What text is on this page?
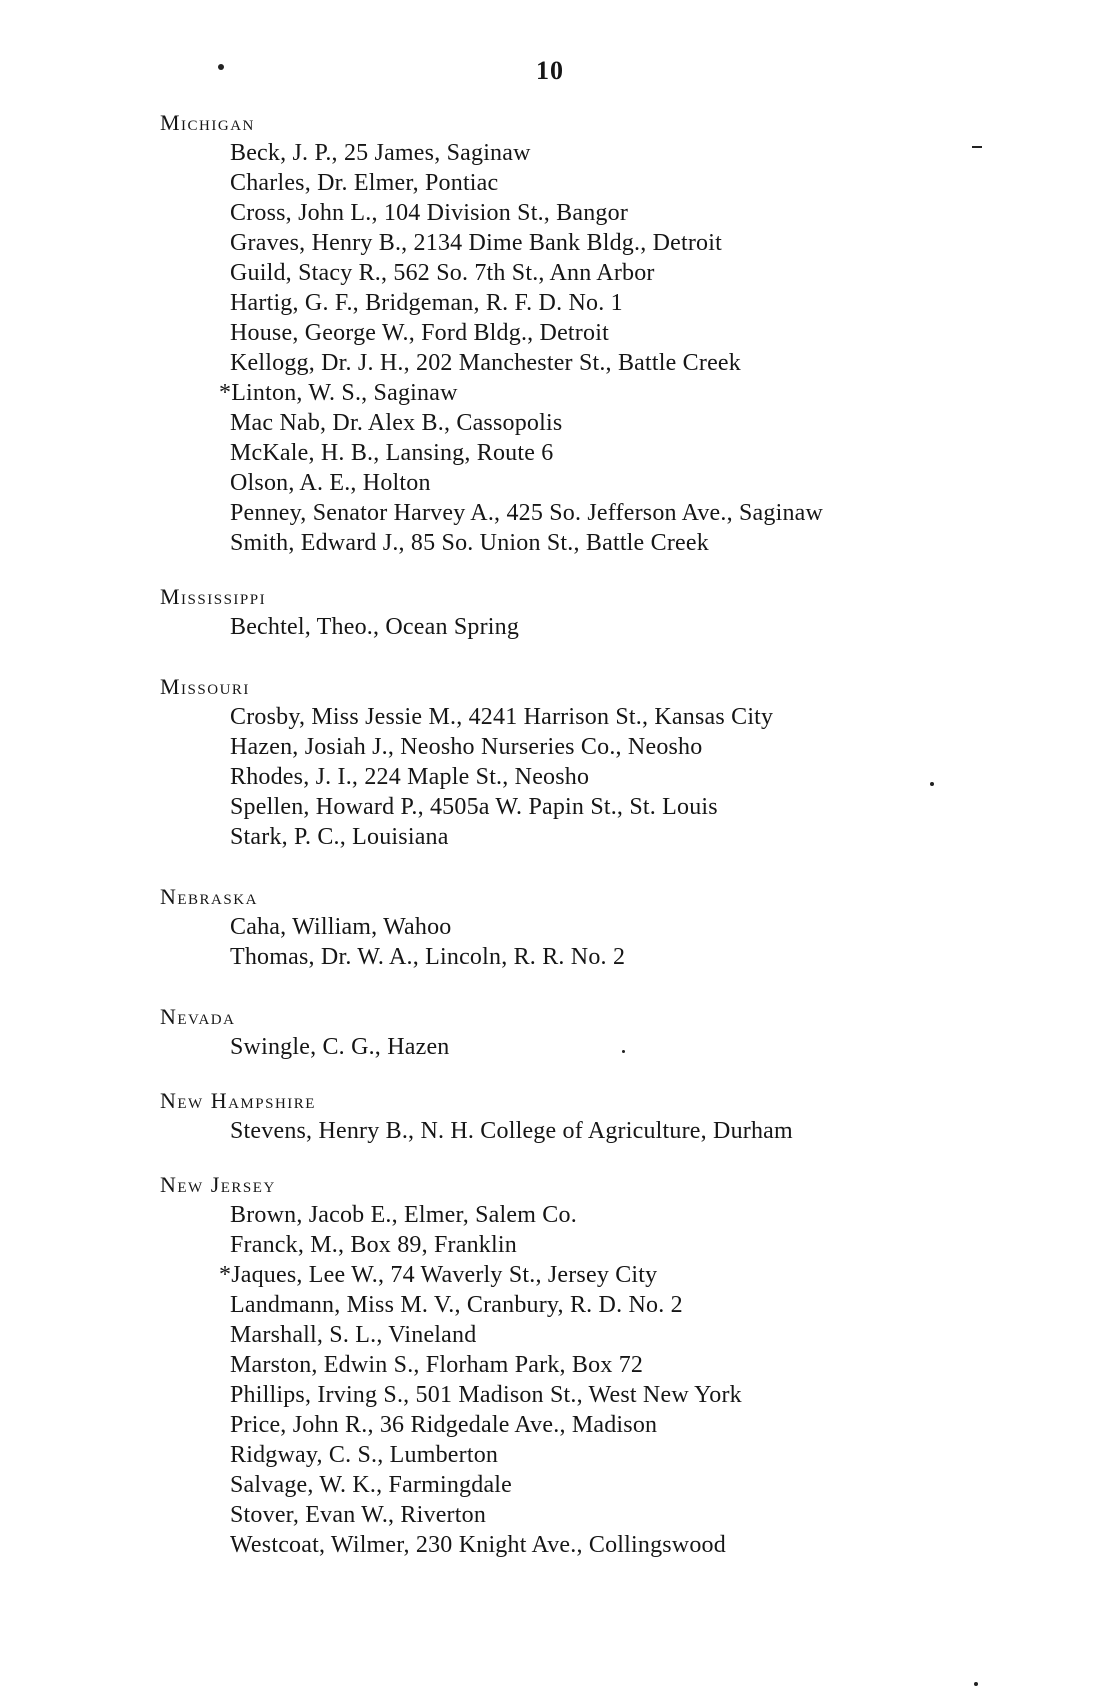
10
Michigan
Beck, J. P., 25 James, Saginaw
Charles, Dr. Elmer, Pontiac
Cross, John L., 104 Division St., Bangor
Graves, Henry B., 2134 Dime Bank Bldg., Detroit
Guild, Stacy R., 562 So. 7th St., Ann Arbor
Hartig, G. F., Bridgeman, R. F. D. No. 1
House, George W., Ford Bldg., Detroit
Kellogg, Dr. J. H., 202 Manchester St., Battle Creek
*Linton, W. S., Saginaw
Mac Nab, Dr. Alex B., Cassopolis
McKale, H. B., Lansing, Route 6
Olson, A. E., Holton
Penney, Senator Harvey A., 425 So. Jefferson Ave., Saginaw
Smith, Edward J., 85 So. Union St., Battle Creek
Mississippi
Bechtel, Theo., Ocean Spring
Missouri
Crosby, Miss Jessie M., 4241 Harrison St., Kansas City
Hazen, Josiah J., Neosho Nurseries Co., Neosho
Rhodes, J. I., 224 Maple St., Neosho
Spellen, Howard P., 4505a W. Papin St., St. Louis
Stark, P. C., Louisiana
Nebraska
Caha, William, Wahoo
Thomas, Dr. W. A., Lincoln, R. R. No. 2
Nevada
Swingle, C. G., Hazen
New Hampshire
Stevens, Henry B., N. H. College of Agriculture, Durham
New Jersey
Brown, Jacob E., Elmer, Salem Co.
Franck, M., Box 89, Franklin
*Jaques, Lee W., 74 Waverly St., Jersey City
Landmann, Miss M. V., Cranbury, R. D. No. 2
Marshall, S. L., Vineland
Marston, Edwin S., Florham Park, Box 72
Phillips, Irving S., 501 Madison St., West New York
Price, John R., 36 Ridgedale Ave., Madison
Ridgway, C. S., Lumberton
Salvage, W. K., Farmingdale
Stover, Evan W., Riverton
Westcoat, Wilmer, 230 Knight Ave., Collingswood
